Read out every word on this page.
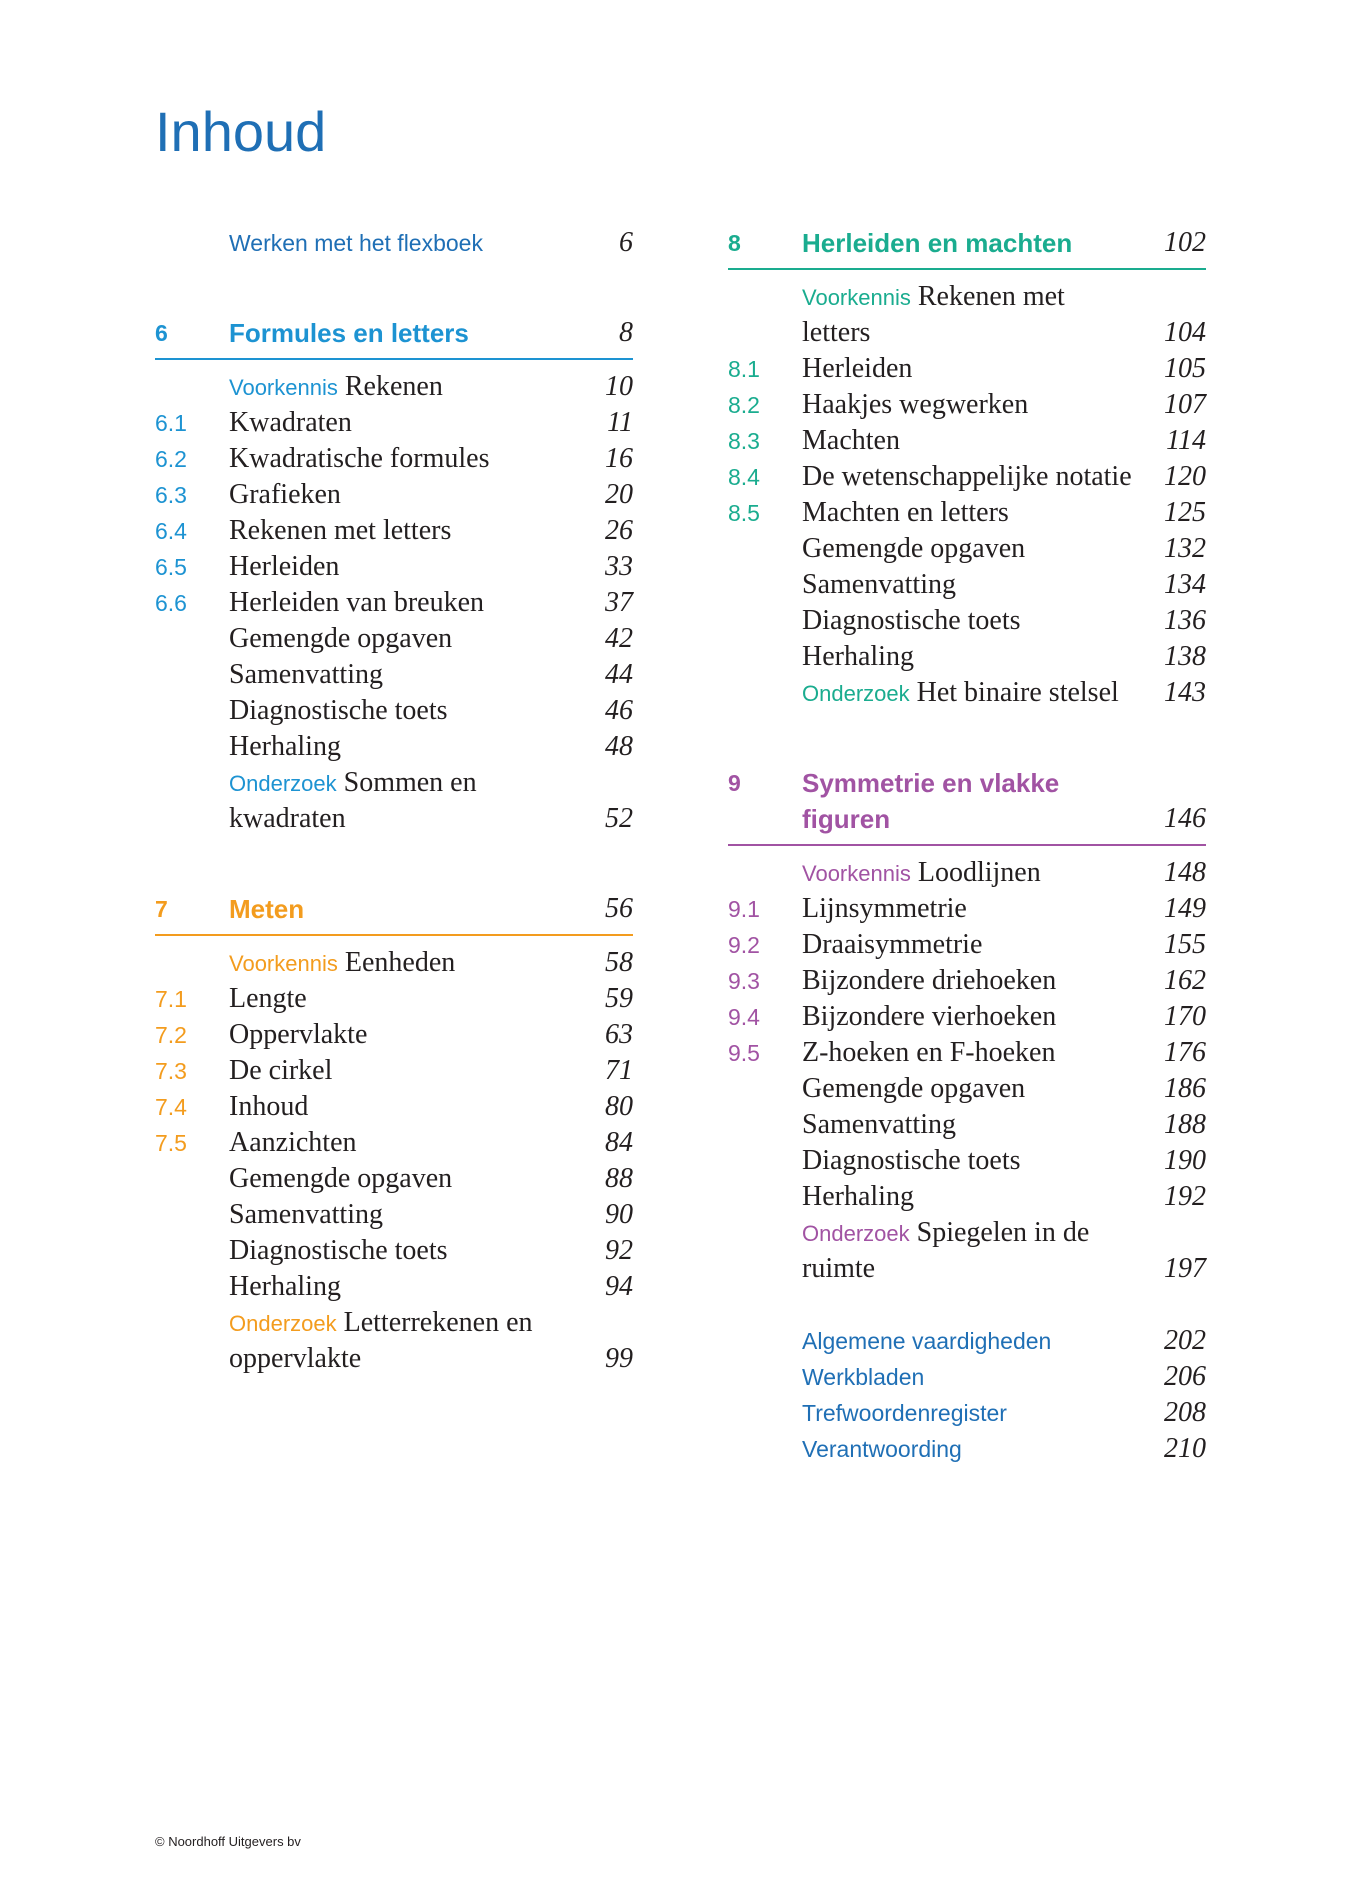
Inhoud
Werken met het flexboek	6
6 Formules en letters	8
Voorkennis Rekenen	10
6.1 Kwadraten	11
6.2 Kwadratische formules	16
6.3 Grafieken	20
6.4 Rekenen met letters	26
6.5 Herleiden	33
6.6 Herleiden van breuken	37
Gemengde opgaven	42
Samenvatting	44
Diagnostische toets	46
Herhaling	48
Onderzoek Sommen en
kwadraten	52
7 Meten	56
Voorkennis Eenheden	58
7.1 Lengte	59
7.2 Oppervlakte	63
7.3 De cirkel	71
7.4 Inhoud	80
7.5 Aanzichten	84
Gemengde opgaven	88
Samenvatting	90
Diagnostische toets	92
Herhaling	94
Onderzoek Letterrekenen en
oppervlakte	99
8 Herleiden en machten	102
Voorkennis Rekenen met
letters	104
8.1 Herleiden	105
8.2 Haakjes wegwerken	107
8.3 Machten	114
8.4 De wetenschappelijke notatie 120
8.5 Machten en letters	125
Gemengde opgaven	132
Samenvatting	134
Diagnostische toets	136
Herhaling	138
Onderzoek Het binaire stelsel 143
9 Symmetrie en vlakke
figuren	146
Voorkennis Loodlijnen	148
9.1 Lijnsymmetrie	149
9.2 Draaisymmetrie	155
9.3 Bijzondere driehoeken	162
9.4 Bijzondere vierhoeken	170
9.5 Z-hoeken en F-hoeken	176
Gemengde opgaven	186
Samenvatting	188
Diagnostische toets	190
Herhaling	192
Onderzoek Spiegelen in de
ruimte	197
Algemene vaardigheden	202
Werkbladen	206
Trefwoordenregister	208
Verantwoording	210
© Noordhoff Uitgevers bv
